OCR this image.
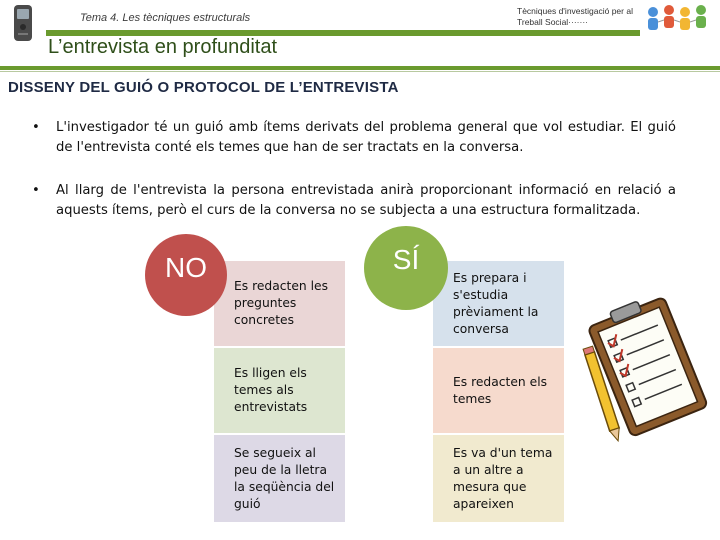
Tema 4. Les tècniques estructurals
Tècniques d'investigació per al Treball Social·······
L’entrevista en profunditat
DISSENY DEL GUIÓ O PROTOCOL DE L’ENTREVISTA
•	L'investigador té un guió amb ítems derivats del problema general que vol estudiar. El guió de l'entrevista conté els temes que han de ser tractats en la conversa.
•	Al llarg de l'entrevista la persona entrevistada anirà proporcionant informació en relació a aquests ítems, però el curs de la conversa no se subjecta a una estructura formalitzada.
Es redacten les preguntes concretes
Es lligen els temes als entrevistats
Se segueix al peu de la lletra la seqüència del guió
NO	Es prepara i s'estudia prèviament la conversa
Es redacten els temes
Es va d'un tema a un altre a mesura que apareixen
SÍ
